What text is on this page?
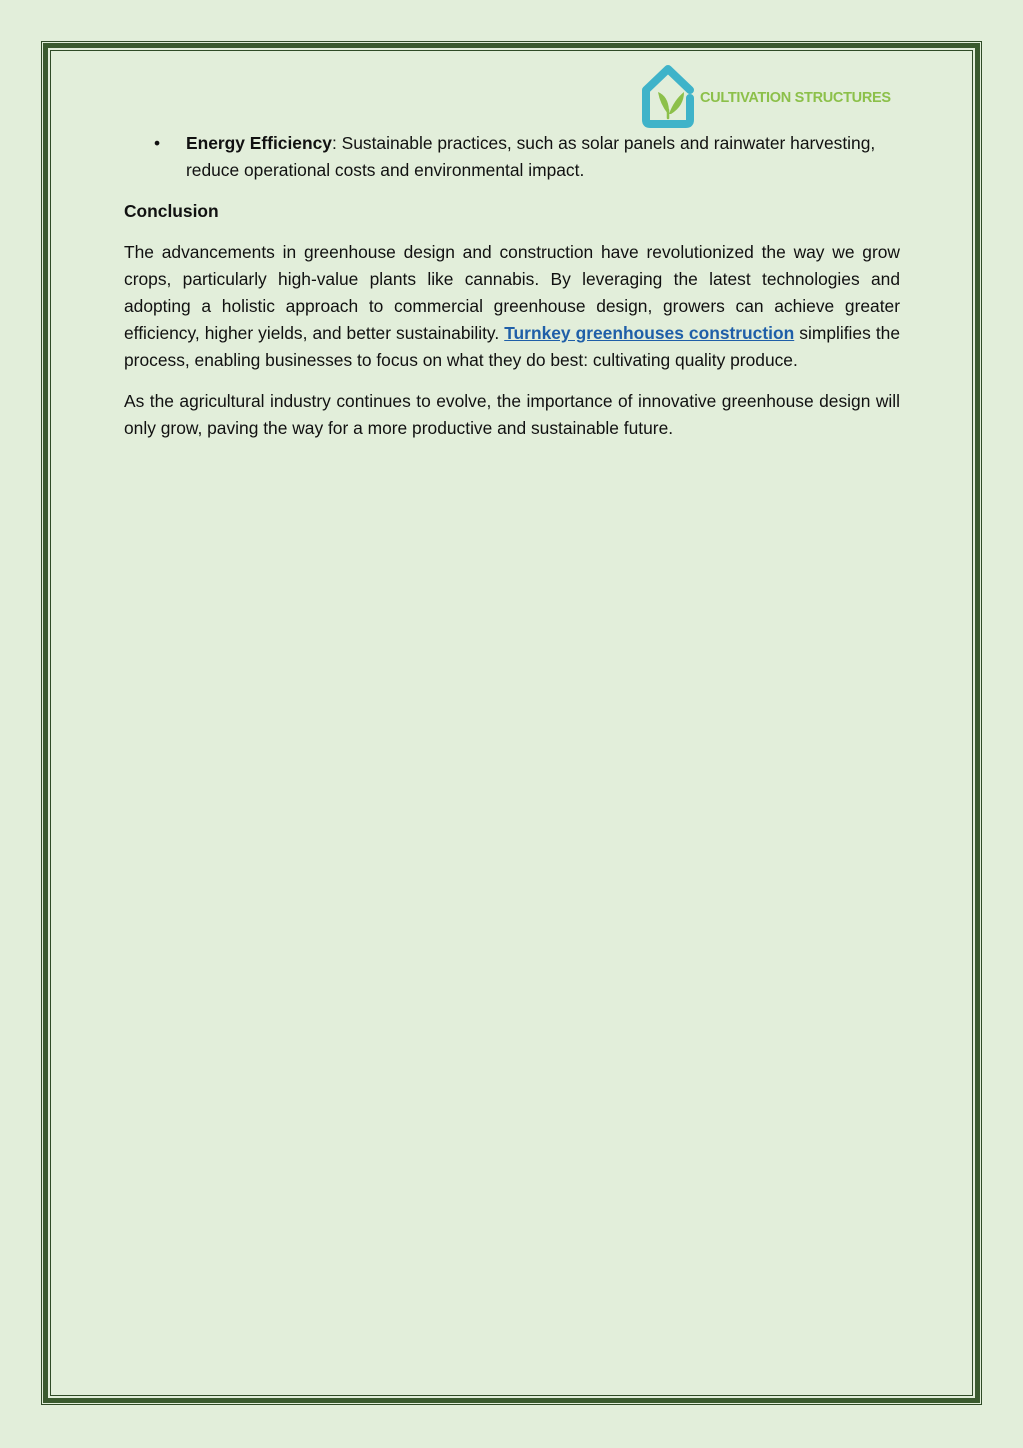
CULTIVATION STRUCTURES
• Energy Efficiency: Sustainable practices, such as solar panels and rainwater harvesting, reduce operational costs and environmental impact.
Conclusion

The advancements in greenhouse design and construction have revolutionized the way we grow crops, particularly high-value plants like cannabis. By leveraging the latest technologies and adopting a holistic approach to commercial greenhouse design, growers can achieve greater efficiency, higher yields, and better sustainability. Turnkey greenhouses construction simplifies the process, enabling businesses to focus on what they do best: cultivating quality produce.

As the agricultural industry continues to evolve, the importance of innovative greenhouse design will only grow, paving the way for a more productive and sustainable future.
